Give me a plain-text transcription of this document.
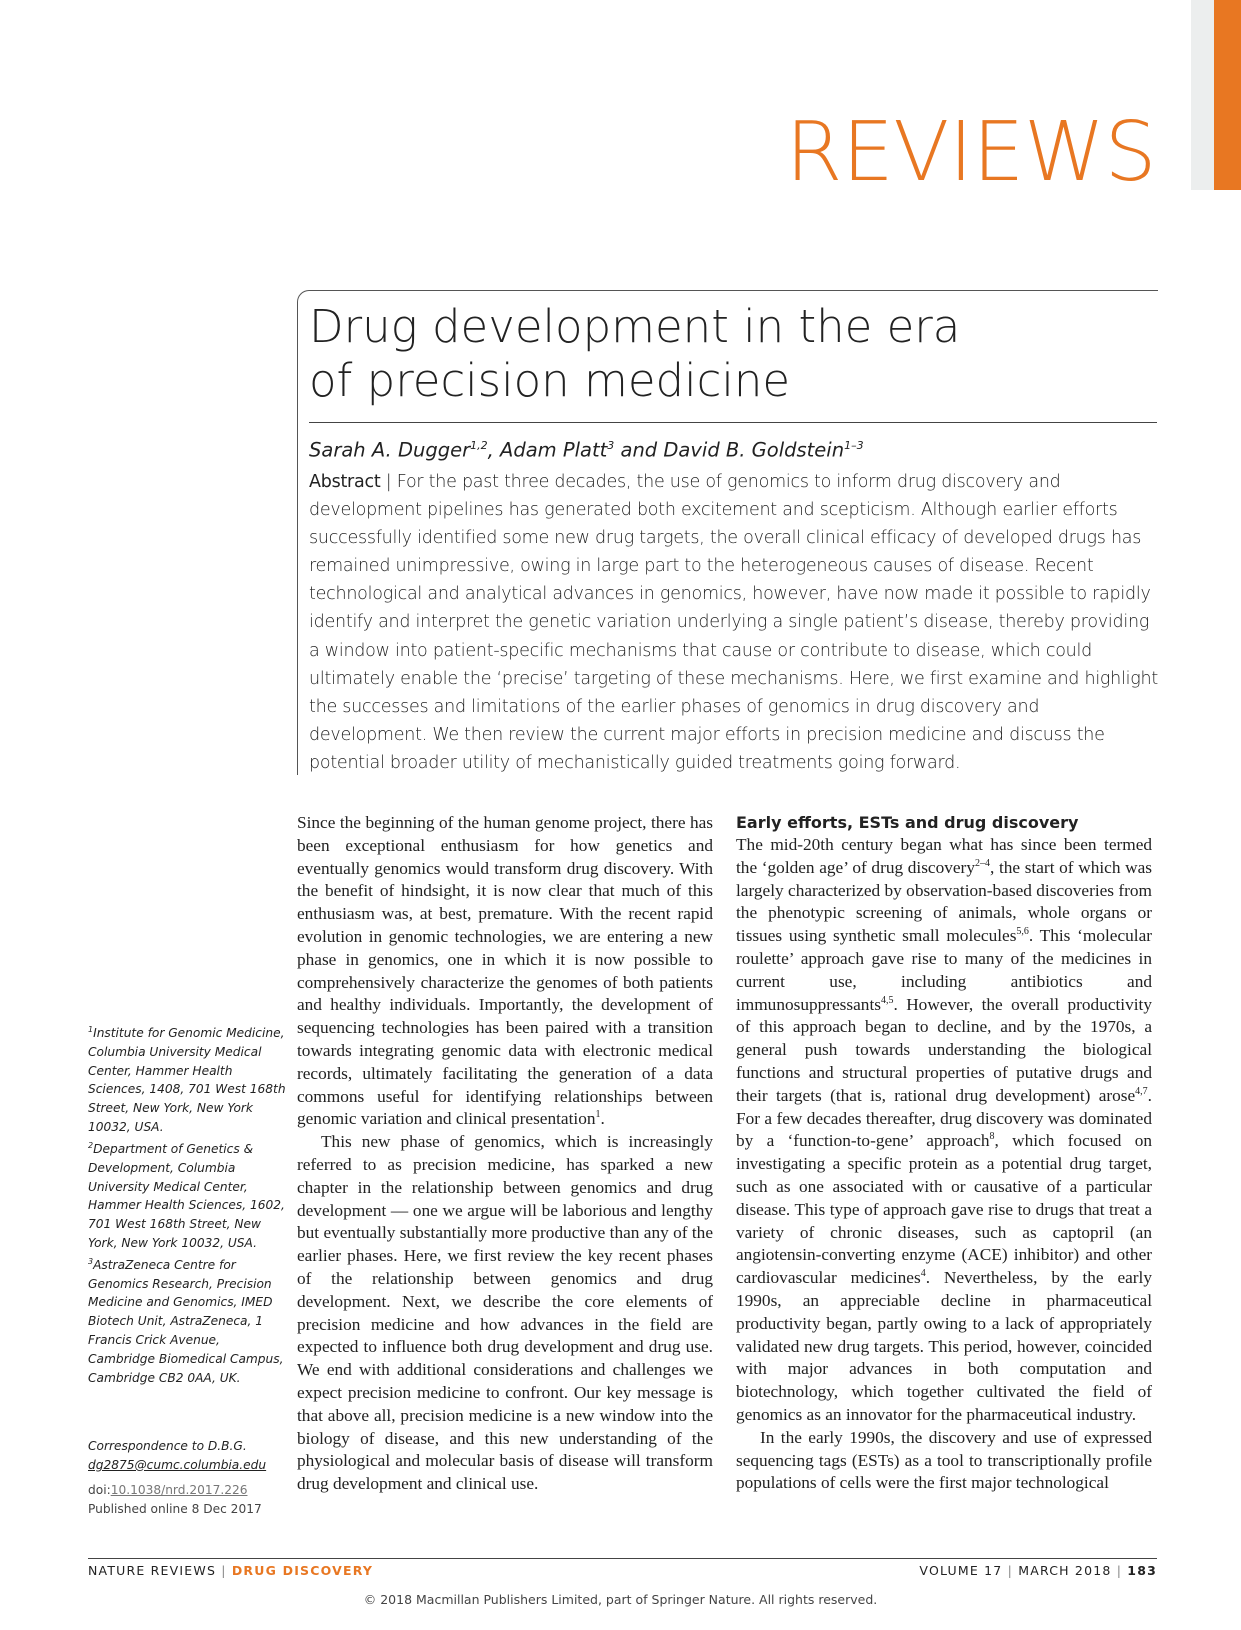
REVIEWS
Drug development in the era
of precision medicine

Sarah A. Dugger$^{1,2}$, Adam Platt$^3$ and David B. Goldstein$^{1-3}$

Abstract | For the past three decades, the use of genomics to inform drug discovery and development pipelines has generated both excitement and scepticism. Although earlier efforts successfully identified some new drug targets, the overall clinical efficacy of developed drugs has remained unimpressive, owing in large part to the heterogeneous causes of disease. Recent technological and analytical advances in genomics, however, have now made it possible to rapidly identify and interpret the genetic variation underlying a single patient’s disease, thereby providing a window into patient-specific mechanisms that cause or contribute to disease, which could ultimately enable the ‘precise’ targeting of these mechanisms. Here, we first examine and highlight the successes and limitations of the earlier phases of genomics in drug discovery and development. We then review the current major efforts in precision medicine and discuss the potential broader utility of mechanistically guided treatments going forward.

Since the beginning of the human genome project, there has been exceptional enthusiasm for how genetics and eventually genomics would transform drug discovery. With the benefit of hindsight, it is now clear that much of this enthusiasm was, at best, premature. With the recent rapid evolution in genomic technologies, we are entering a new phase in genomics, one in which it is now possible to comprehensively characterize the genomes of both patients and healthy individuals. Importantly, the development of sequencing technologies has been paired with a transition towards integrating genomic data with electronic medical records, ultimately facilitating the generation of a data commons useful for identifying relationships between genomic variation and clinical presentation$^1$.

This new phase of genomics, which is increasingly referred to as precision medicine, has sparked a new chapter in the relationship between genomics and drug development — one we argue will be laborious and lengthy but eventually substantially more productive than any of the earlier phases. Here, we first review the key recent phases of the relationship between genomics and drug development. Next, we describe the core elements of precision medicine and how advances in the field are expected to influence both drug development and drug use. We end with additional considerations and challenges we expect precision medicine to confront. Our key message is that above all, precision medicine is a new window into the biology of disease, and this new understanding of the physiological and molecular basis of disease will transform drug development and clinical use.

Early efforts, ESTs and drug discovery

The mid-20th century began what has since been termed the ‘golden age’ of drug discovery$^{2-4}$, the start of which was largely characterized by observation-based discoveries from the phenotypic screening of animals, whole organs or tissues using synthetic small molecules$^{5,6}$. This ‘molecular roulette’ approach gave rise to many of the medicines in current use, including antibiotics and immunosuppressants$^{4,5}$. However, the overall productivity of this approach began to decline, and by the 1970s, a general push towards understanding the biological functions and structural properties of putative drugs and their targets (that is, rational drug development) arose$^{4,7}$. For a few decades thereafter, drug discovery was dominated by a ‘function-to-gene’ approach$^8$, which focused on investigating a specific protein as a potential drug target, such as one associated with or causative of a particular disease. This type of approach gave rise to drugs that treat a variety of chronic diseases, such as captopril (an angiotensin-converting enzyme (ACE) inhibitor) and other cardiovascular medicines$^4$. Nevertheless, by the early 1990s, an appreciable decline in pharmaceutical productivity began, partly owing to a lack of appropriately validated new drug targets. This period, however, coincided with major advances in both computation and biotechnology, which together cultivated the field of genomics as an innovator for the pharmaceutical industry.

In the early 1990s, the discovery and use of expressed sequencing tags (ESTs) as a tool to transcriptionally profile populations of cells were the first major technological

$^1$Institute for Genomic Medicine, Columbia University Medical Center, Hammer Health Sciences, 1408, 701 West 168th Street, New York, New York 10032, USA.

$^2$Department of Genetics & Development, Columbia University Medical Center, Hammer Health Sciences, 1602, 701 West 168th Street, New York, New York 10032, USA.

$^3$AstraZeneca Centre for Genomics Research, Precision Medicine and Genomics, IMED Biotech Unit, AstraZeneca, 1 Francis Crick Avenue, Cambridge Biomedical Campus, Cambridge CB2 0AA, UK.

Correspondence to D.B.G.
dg2875@cumc.columbia.edu

doi:10.1038/nrd.2017.226
Published online 8 Dec 2017

NATURE REVIEWS | DRUG DISCOVERY	VOLUME 17 | MARCH 2018 | 183
© 2018 Macmillan Publishers Limited, part of Springer Nature. All rights reserved.
